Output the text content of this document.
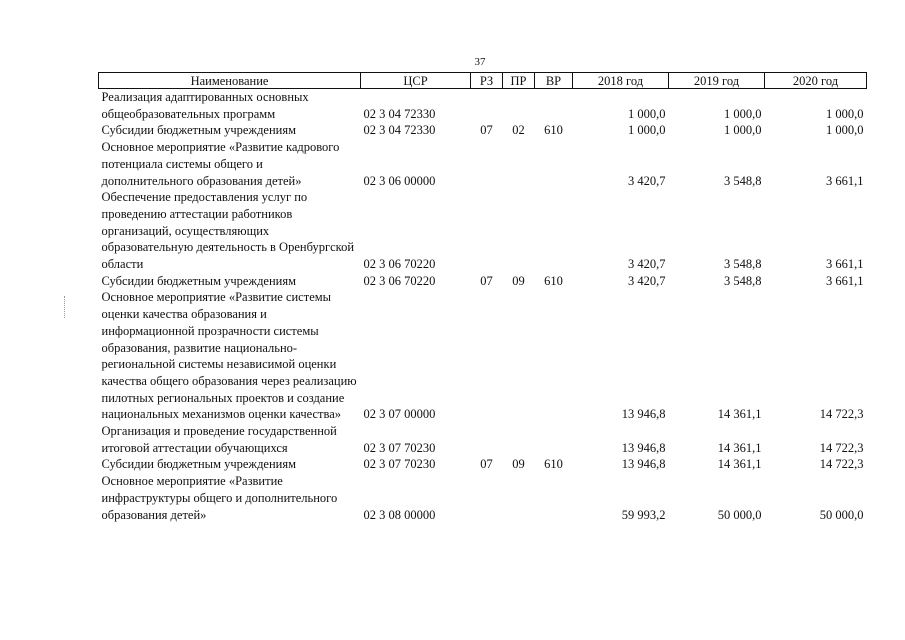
37
Наименование	ЦСР	РЗ	ПР	ВР	2018 год	2019 год	2020 год
Реализация адаптированных основных общеобразовательных программ	02 3 04 72330				1 000,0	1 000,0	1 000,0
Субсидии бюджетным учреждениям	02 3 04 72330	07	02	610	1 000,0	1 000,0	1 000,0
Основное мероприятие «Развитие кадрового потенциала системы общего и дополнительного образования детей»	02 3 06 00000				3 420,7	3 548,8	3 661,1
Обеспечение предоставления услуг по проведению аттестации работников организаций, осуществляющих образовательную деятельность в Оренбургской области	02 3 06 70220				3 420,7	3 548,8	3 661,1
Субсидии бюджетным учреждениям	02 3 06 70220	07	09	610	3 420,7	3 548,8	3 661,1
Основное мероприятие «Развитие системы оценки качества образования и информационной прозрачности системы образования, развитие национально-региональной системы независимой оценки качества общего образования через реализацию пилотных региональных проектов и создание национальных механизмов оценки качества»	02 3 07 00000				13 946,8	14 361,1	14 722,3
Организация и проведение государственной итоговой аттестации обучающихся	02 3 07 70230				13 946,8	14 361,1	14 722,3
Субсидии бюджетным учреждениям	02 3 07 70230	07	09	610	13 946,8	14 361,1	14 722,3
Основное мероприятие «Развитие инфраструктуры общего и дополнительного образования детей»	02 3 08 00000				59 993,2	50 000,0	50 000,0
